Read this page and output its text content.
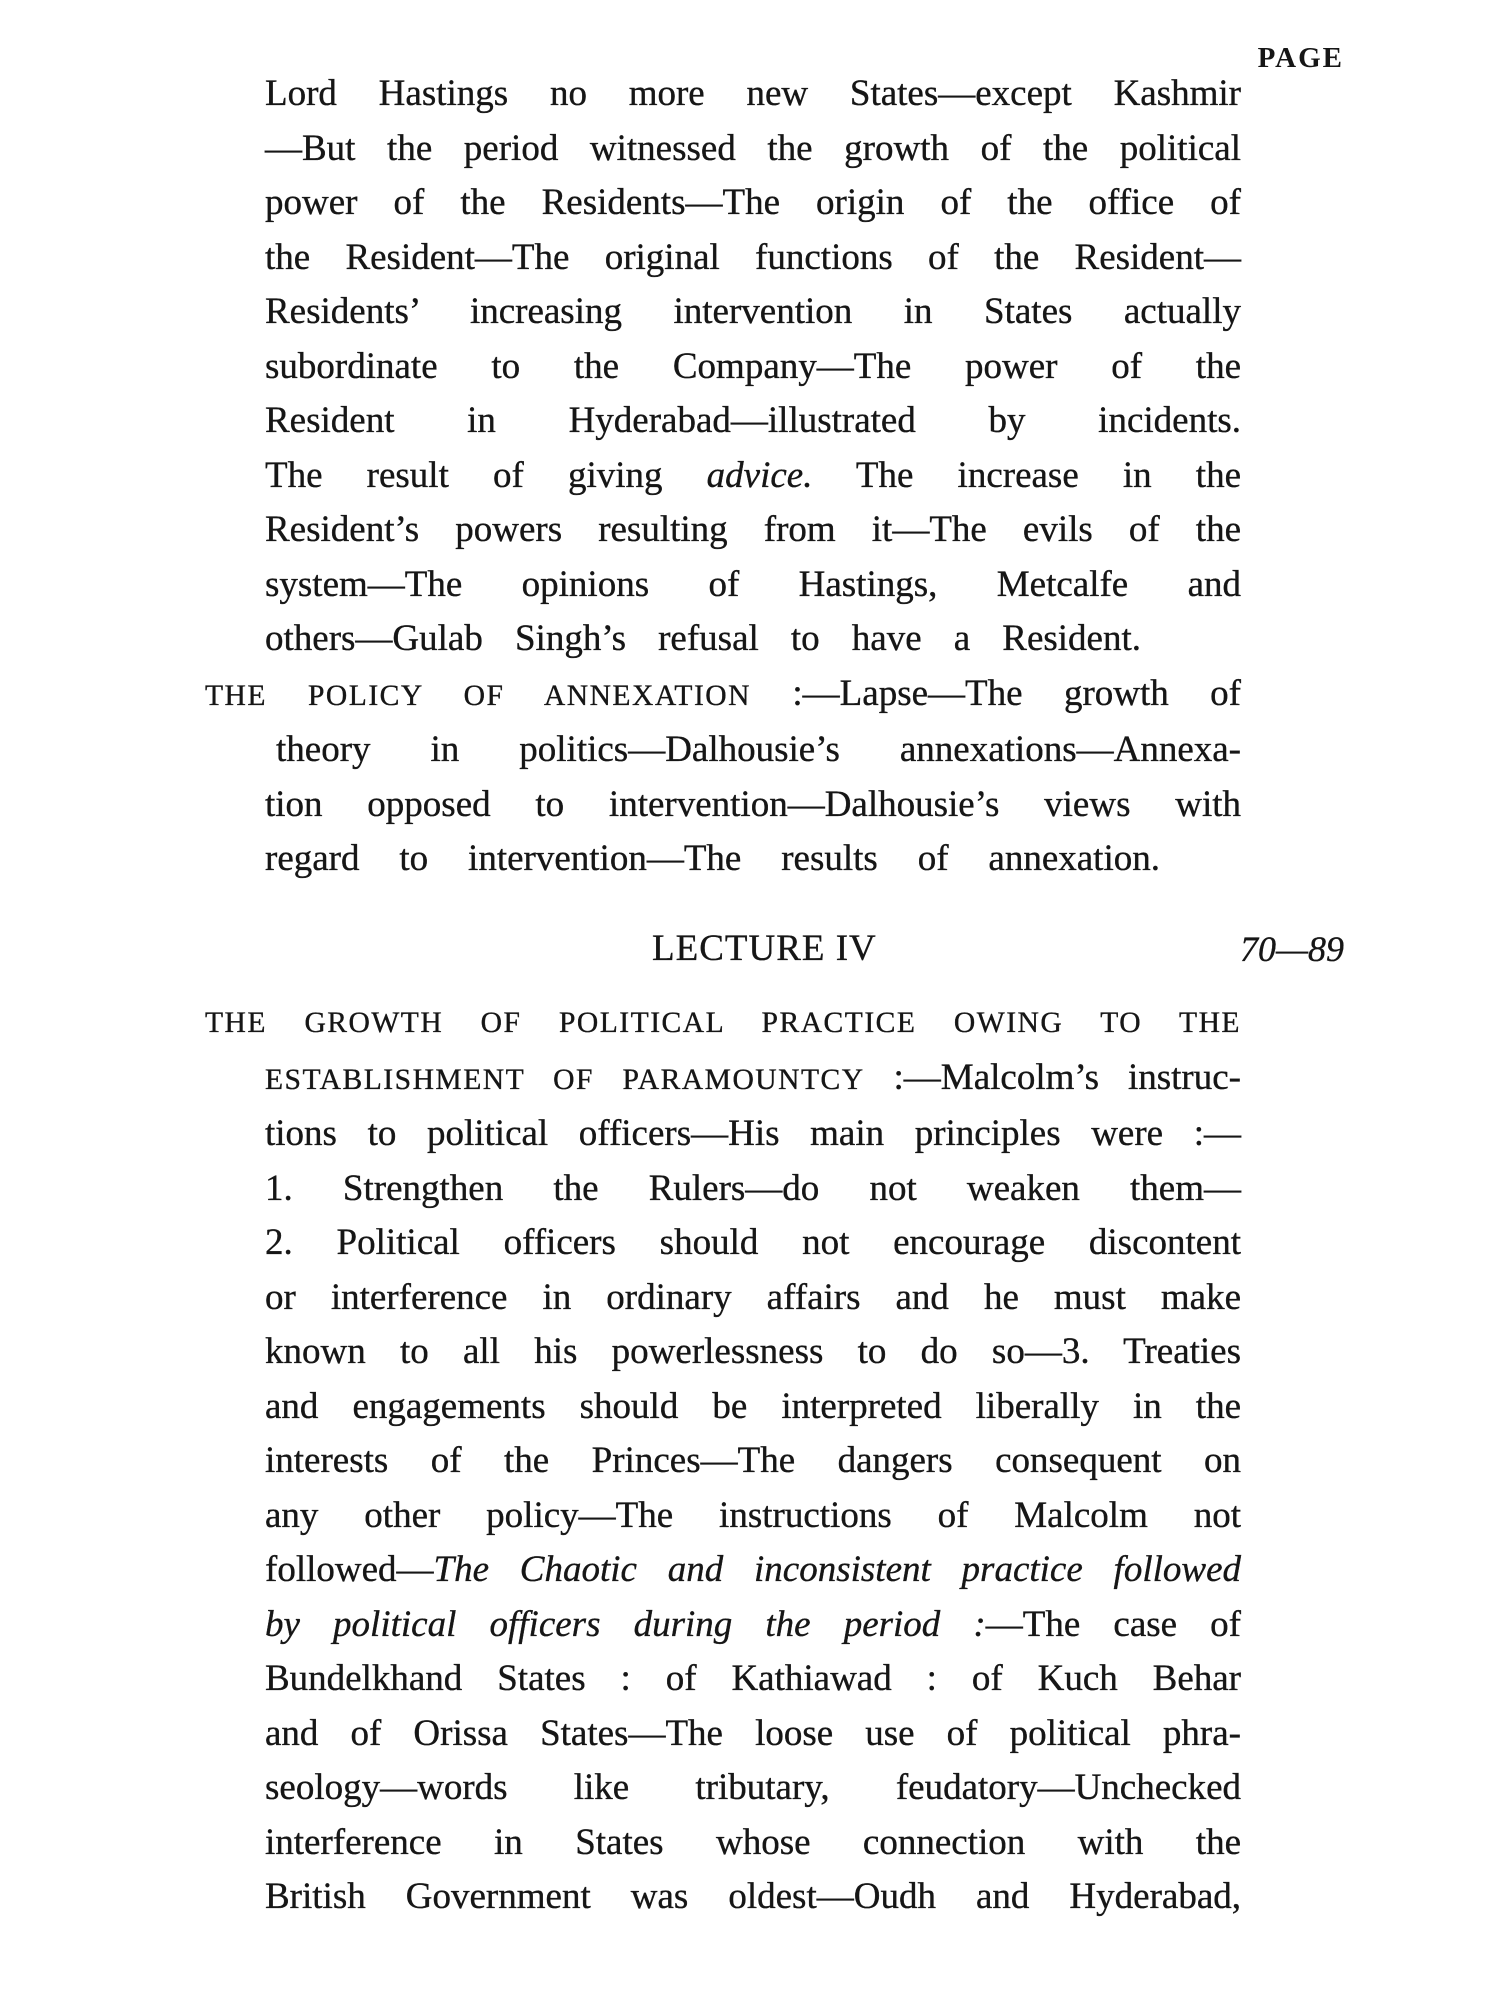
PAGE
Lord Hastings no more new States—except Kashmir
—But the period witnessed the growth of the political
power of the Residents—The origin of the office of
the Resident—The original functions of the Resident—
Residents’ increasing intervention in States actually
subordinate to the Company—The power of the
Resident in Hyderabad—illustrated by incidents.
The result of giving advice. The increase in the
Resident’s powers resulting from it—The evils of the
system—The opinions of Hastings, Metcalfe and
others—Gulab Singh’s refusal to have a Resident.
THE POLICY OF ANNEXATION :—Lapse—The growth of
theory in politics—Dalhousie’s annexations—Annexa-
tion opposed to intervention—Dalhousie’s views with
regard to intervention—The results of annexation.
LECTURE IV	70—89
THE GROWTH OF POLITICAL PRACTICE OWING TO THE
ESTABLISHMENT OF PARAMOUNTCY :—Malcolm’s instruc-
tions to political officers—His main principles were :—
1. Strengthen the Rulers—do not weaken them—
2. Political officers should not encourage discontent
or interference in ordinary affairs and he must make
known to all his powerlessness to do so—3. Treaties
and engagements should be interpreted liberally in the
interests of the Princes—The dangers consequent on
any other policy—The instructions of Malcolm not
followed—The Chaotic and inconsistent practice followed
by political officers during the period :—The case of
Bundelkhand States : of Kathiawad : of Kuch Behar
and of Orissa States—The loose use of political phra-
seology—words like tributary, feudatory—Unchecked
interference in States whose connection with the
British Government was oldest—Oudh and Hyderabad,
